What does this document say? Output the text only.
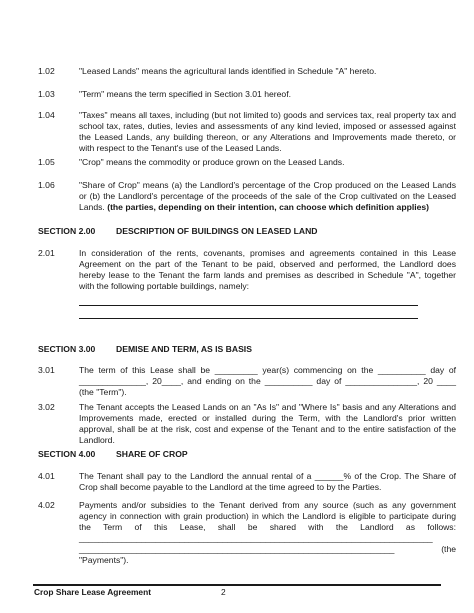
1.02	"Leased Lands" means the agricultural lands identified in Schedule "A" hereto.
1.03	"Term" means the term specified in Section 3.01 hereof.
1.04	"Taxes" means all taxes, including (but not limited to) goods and services tax, real property tax and school tax, rates, duties, levies and assessments of any kind levied, imposed or assessed against the Leased Lands, any building thereon, or any Alterations and Improvements made thereto, or with respect to the Tenant's use of the Leased Lands.
1.05	"Crop" means the commodity or produce grown on the Leased Lands.
1.06	"Share of Crop" means (a) the Landlord's percentage of the Crop produced on the Leased Lands or (b) the Landlord's percentage of the proceeds of the sale of the Crop cultivated on the Leased Lands. (the parties, depending on their intention, can choose which definition applies)
SECTION 2.00 DESCRIPTION OF BUILDINGS ON LEASED LAND
2.01	In consideration of the rents, covenants, promises and agreements contained in this Lease Agreement on the part of the Tenant to be paid, observed and performed, the Landlord does hereby lease to the Tenant the farm lands and premises as described in Schedule "A", together with the following portable buildings, namely:
SECTION 3.00 DEMISE AND TERM, AS IS BASIS
3.01	The term of this Lease shall be _________ year(s) commencing on the __________ day of ______________, 20____, and ending on the __________ day of _______________, 20 ____ (the "Term").
3.02	The Tenant accepts the Leased Lands on an "As Is" and "Where Is" basis and any Alterations and Improvements made, erected or installed during the Term, with the Landlord's prior written approval, shall be at the risk, cost and expense of the Tenant and to the entire satisfaction of the Landlord.
SECTION 4.00 SHARE OF CROP
4.01	The Tenant shall pay to the Landlord the annual rental of a ______% of the Crop. The Share of Crop shall become payable to the Landlord at the time agreed to by the Parties.
4.02	Payments and/or subsidies to the Tenant derived from any source (such as any government agency in connection with grain production) in which the Landlord is eligible to participate during the Term of this Lease, shall be shared with the Landlord as follows: __________________________________________________________________________ __________________________________________________________________ (the "Payments").
Crop Share Lease Agreement	2
